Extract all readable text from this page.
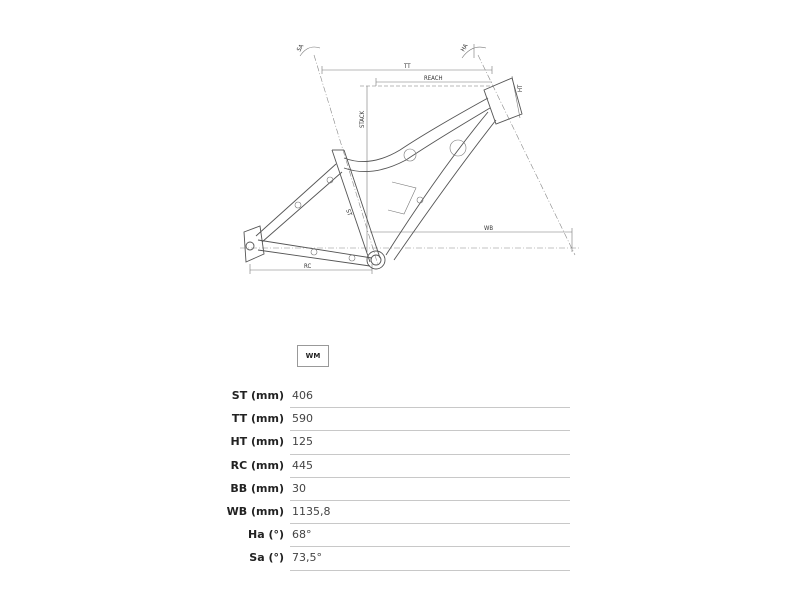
TT
REACH
STACK
HT
ST
RC
WB
SA	HA
WM
ST (mm) 406
TT (mm) 590
HT (mm) 125
RC (mm) 445
BB (mm) 30
WB (mm) 1135,8
Ha (°) 68°
Sa (°) 73,5°
